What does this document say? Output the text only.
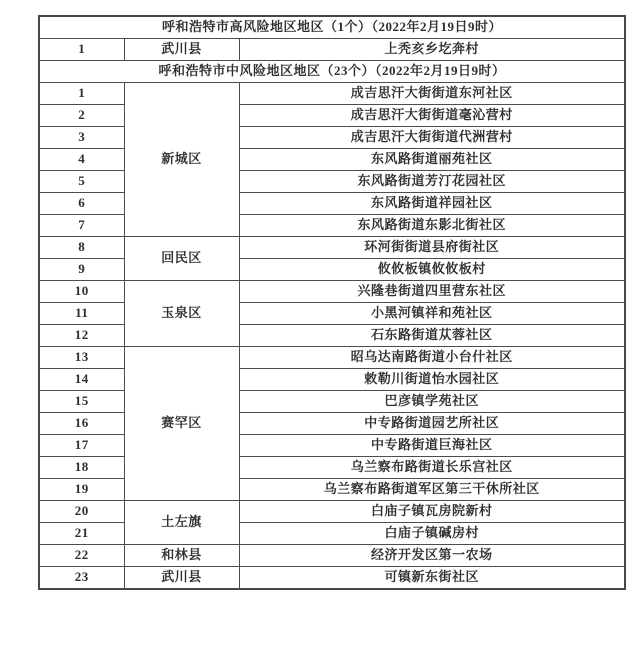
呼和浩特市高风险地区地区（1个）（2022年2月19日9时）		
1	武川县	上秃亥乡圪奔村
呼和浩特市中风险地区地区（23个）（2022年2月19日9时）		
1	新城区	成吉思汗大街街道东河社区
2		成吉思汗大街街道毫沁营村
3		成吉思汗大街街道代洲营村
4		东风路街道丽苑社区
5		东风路街道芳汀花园社区
6		东风路街道祥园社区
7		东风路街道东影北街社区
8	回民区	环河街街道县府街社区
9		攸攸板镇攸攸板村
10	玉泉区	兴隆巷街道四里营东社区
11		小黑河镇祥和苑社区
12		石东路街道苁蓉社区
13	赛罕区	昭乌达南路街道小台什社区
14		敕勒川街道怡水园社区
15		巴彦镇学苑社区
16		中专路街道园艺所社区
17		中专路街道巨海社区
18		乌兰察布路街道长乐宫社区
19		乌兰察布路街道军区第三干休所社区
20	土左旗	白庙子镇瓦房院新村
21		白庙子镇碱房村
22	和林县	经济开发区第一农场
23	武川县	可镇新东街社区
